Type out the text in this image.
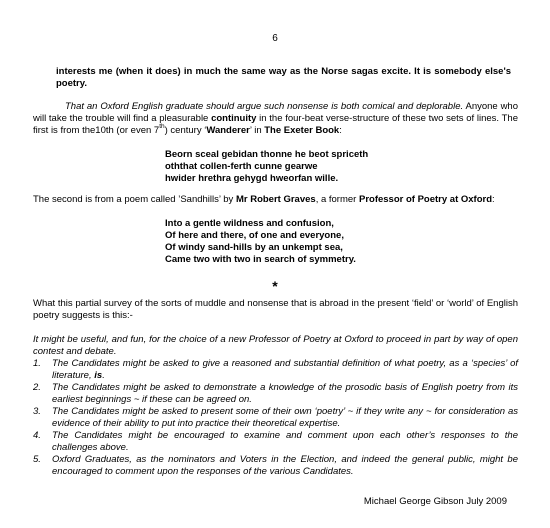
6
interests me (when it does) in much the same way as the Norse sagas excite. It is somebody else's poetry.
That an Oxford English graduate should argue such nonsense is both comical and deplorable. Anyone who will take the trouble will find a pleasurable continuity in the four-beat verse-structure of these two sets of lines. The first is from the10th (or even 7th) century ‘Wanderer’ in The Exeter Book:
Beorn sceal gebidan thonne he beot spriceth
oththat collen-ferth cunne gearwe
hwider hrethra gehygd hweorfan wille.
The second is from a poem called ’Sandhills’ by Mr Robert Graves, a former Professor of Poetry at Oxford:
Into a gentle wildness and confusion,
Of here and there, of one and everyone,
Of windy sand-hills by an unkempt sea,
Came two with two in search of symmetry.
*
What this partial survey of the sorts of muddle and nonsense that is abroad in the present ‘field’ or ‘world’ of English poetry suggests is this:-
It might be useful, and fun, for the choice of a new Professor of Poetry at Oxford to proceed in part by way of open contest and debate.
1. The Candidates might be asked to give a reasoned and substantial definition of what poetry, as a ‘species’ of literature, is.
2. The Candidates might be asked to demonstrate a knowledge of the prosodic basis of English poetry from its earliest beginnings ~ if these can be agreed on.
3. The Candidates might be asked to present some of their own ‘poetry’ ~ if they write any ~ for consideration as evidence of their ability to put into practice their theoretical expertise.
4. The Candidates might be encouraged to examine and comment upon each other’s responses to the challenges above.
5. Oxford Graduates, as the nominators and Voters in the Election, and indeed the general public, might be encouraged to comment upon the responses of the various Candidates.
Michael George Gibson July 2009
